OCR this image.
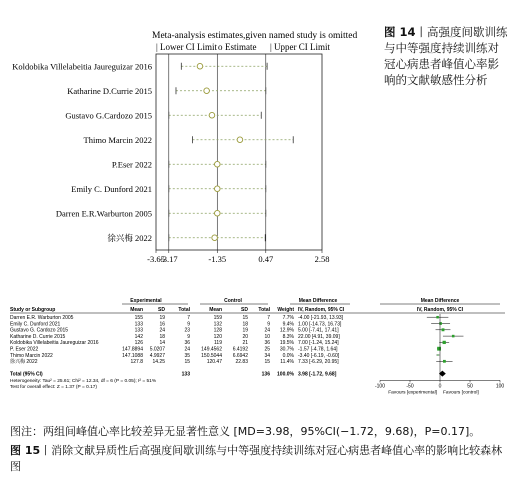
Meta-analysis estimates,given named study is omitted
| Lower CI Limit o Estimate | Upper CI Limit
Koldobika Villelabeitia Jaureguizar 2016
Katharine D.Currie 2015
Gustavo G.Cardozo 2015
Thimo Marcin 2022
P.Eser 2022
Emily C. Dunford 2021
Darren E.R.Warburton 2005
徐兴梅 2022
-3.65
-3.17	-1.35	0.47	2.58
图 14丨高强度间歇训练与中等强度持续训练对冠心病患者峰值心率影响的文献敏感性分析
Experimental	Control	Mean Difference	Mean Difference
Study or Subgroup	Mean	SD	Total	Mean	SD Total Weight IV, Random, 95% CI	IV, Random, 95% CI
Darren E.R. Warburton 2005	155	19	7	159	15	7	7.7% -4.00 [-21.93, 13.93]
Emily C. Dunford 2021	133	16	9	132	18	9	9.4% 1.00 [-14.73, 16.73]
Gustavo G. Cardozo 2015	133	24	23	128	19	24 12.9% 5.00 [-7.41, 17.41]
Katharine D. Currie 2015	142	18	9	120	20	10	8.3% 22.00 [4.91, 39.09]
Koldobika Villelabeitia Jaureguizar 2016	126	14	36	119	21	36 19.5% 7.00 [-1.24, 15.24]
P. Eser 2022	147.8894 5.0207	24 149.4562 6.4192	25 30.7% -1.57 [-4.78, 1.64]
Thimo Marcin 2022	147.1088 4.9927	35 150.5044 6.6942	34	0.0% -3.40 [-6.19, -0.60]
徐兴梅 2022	127.8 14.25	15	120.47	22.83	15 11.4% 7.33 [-6.29, 20.95]
Total (95% CI)	133	136 100.0% 3.98 [-1.72, 9.68]
Heterogeneity: Tau² = 25.61; Chi² = 12.34, df = 6 (P = 0.05); I² = 51%
Test for overall effect: Z = 1.37 (P = 0.17)	-100	-50	0	50	100
Favours [experimental] Favours [control]
图注：两组间峰值心率比较差异无显著性意义 [MD=3.98，95%CI(−1.72，9.68)，P=0.17]。
图 15丨消除文献异质性后高强度间歇训练与中等强度持续训练对冠心病患者峰值心率的影响比较森林图
